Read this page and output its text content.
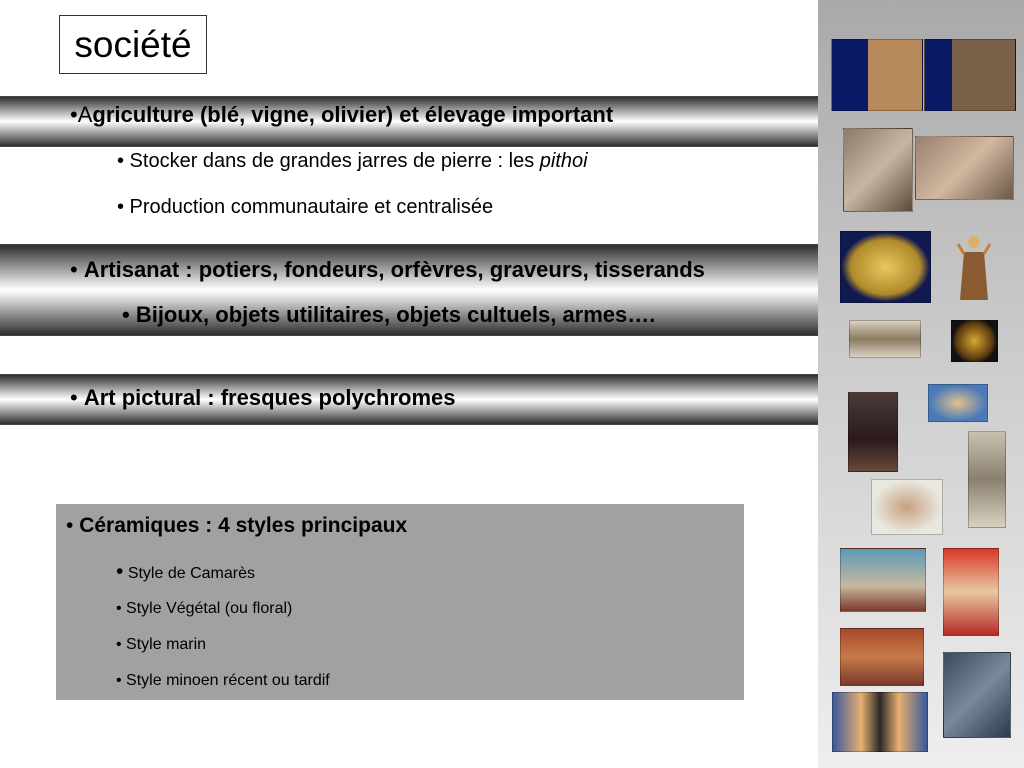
société
•Agriculture (blé, vigne, olivier) et élevage important
• Stocker dans de grandes jarres de pierre : les pithoi
• Production communautaire et centralisée
• Artisanat : potiers, fondeurs, orfèvres, graveurs, tisserands
• Bijoux, objets utilitaires, objets cultuels, armes….
• Art pictural : fresques polychromes
• Céramiques : 4 styles principaux
• Style de Camarès
• Style Végétal (ou floral)
• Style marin
• Style minoen récent ou tardif
